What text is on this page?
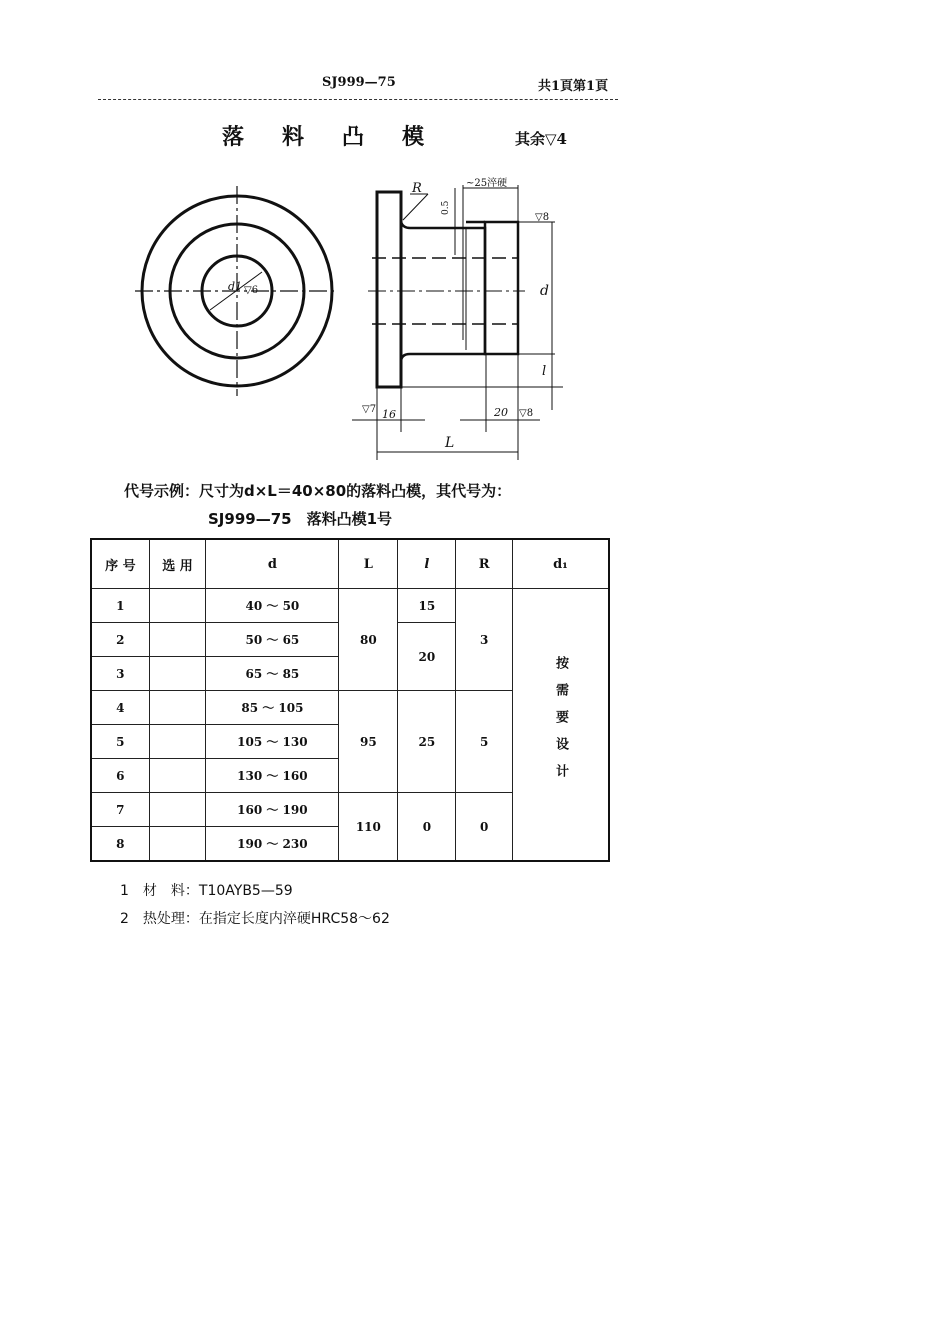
SJ999—75	共1頁第1頁
落料凸模	其余▽4
d1 ▽6
R
0.5
~25淬硬
▽8
d
l
▽7 16	20 ▽8
L
代号示例：尺寸为d×L＝40×80的落料凸模，其代号为：
SJ999—75　落料凸模1号
序 号	选 用	d	L	l	R	d₁
1		40 ～ 50	80	15	3	按需要设计
2		50 ～ 65		20		
3		65 ～ 85				
4		85 ～ 105	95	25	5	
5		105 ～ 130				
6		130 ～ 160				
7		160 ～ 190	110	0	0	
8		190 ～ 230				
1　材　料：T10AYB5—59
2　热处理：在指定长度内淬硬HRC58～62
